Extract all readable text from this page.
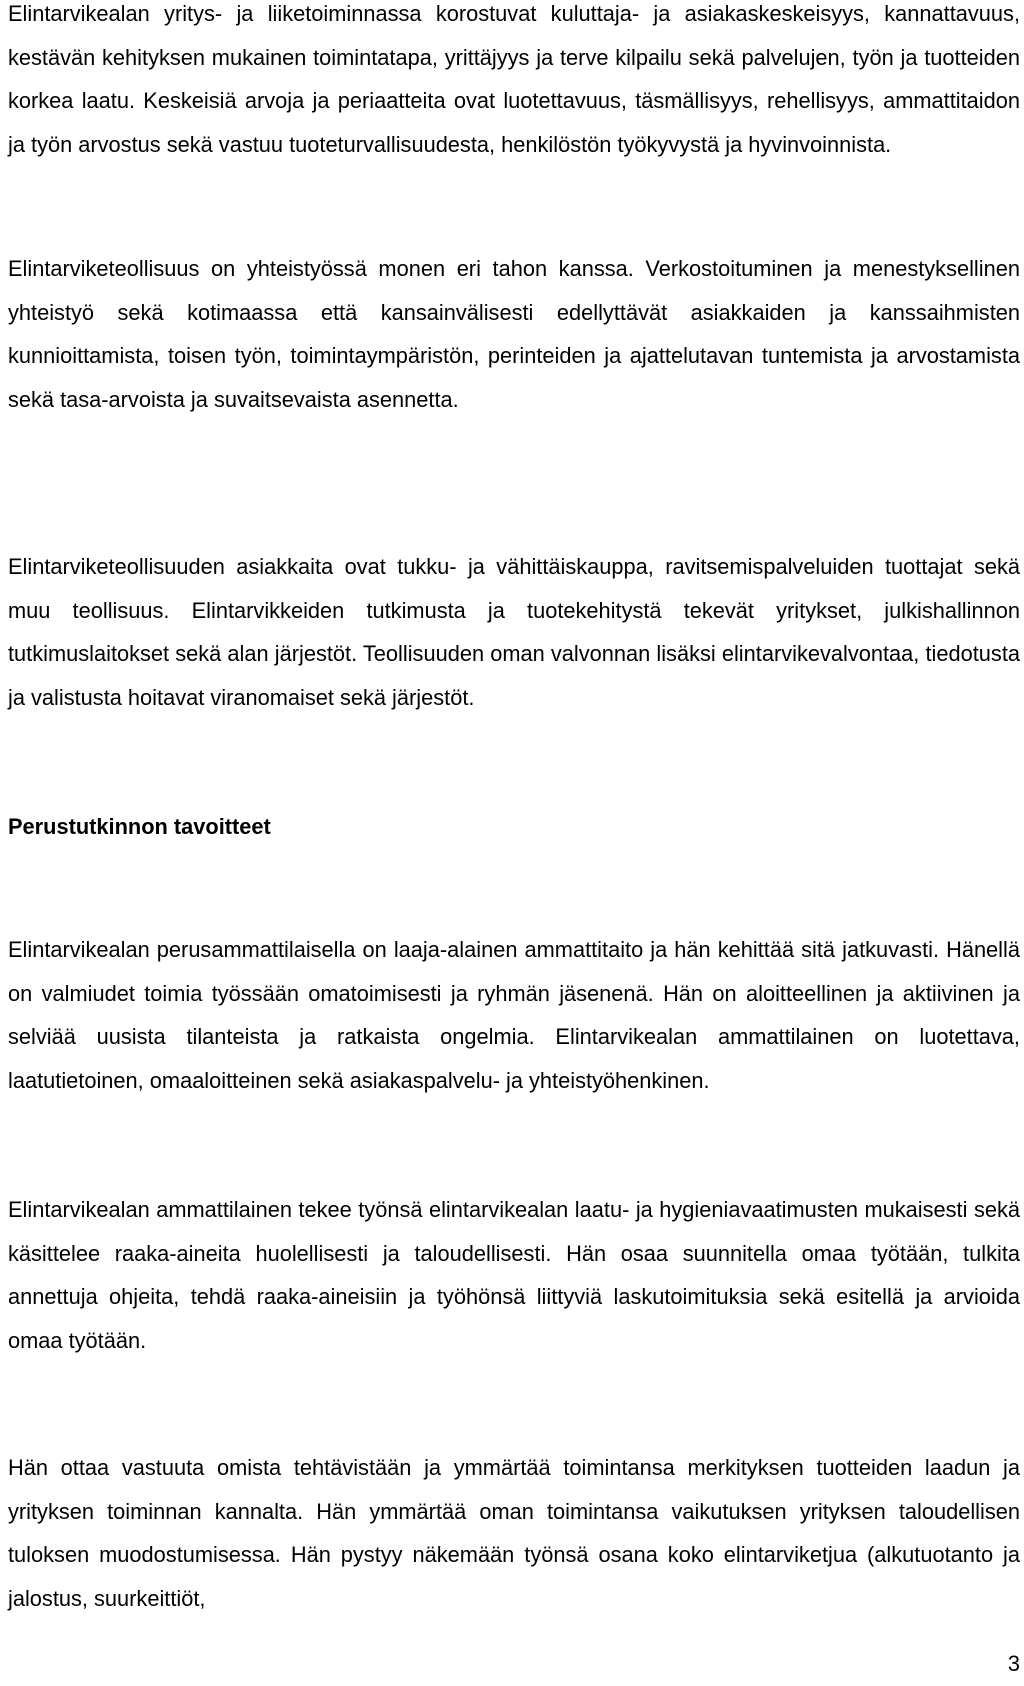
Elintarvikealan yritys- ja liiketoiminnassa korostuvat kuluttaja- ja asiakaskeskeisyys, kannattavuus, kestävän kehityksen mukainen toimintatapa, yrittäjyys ja terve kilpailu sekä palvelujen, työn ja tuotteiden korkea laatu. Keskeisiä arvoja ja periaatteita ovat luotettavuus, täsmällisyys, rehellisyys, ammattitaidon ja työn arvostus sekä vastuu tuoteturvallisuudesta, henkilöstön työkyvystä ja hyvinvoinnista.

Elintarviketeollisuus on yhteistyössä monen eri tahon kanssa. Verkostoituminen ja menestyksellinen yhteistyö sekä kotimaassa että kansainvälisesti edellyttävät asiakkaiden ja kanssaihmisten kunnioittamista, toisen työn, toimintaympäristön, perinteiden ja ajattelutavan tuntemista ja arvostamista sekä tasa-arvoista ja suvaitsevaista asennetta.

Elintarviketeollisuuden asiakkaita ovat tukku- ja vähittäiskauppa, ravitsemispalveluiden tuottajat sekä muu teollisuus. Elintarvikkeiden tutkimusta ja tuotekehitystä tekevät yritykset, julkishallinnon tutkimuslaitokset sekä alan järjestöt. Teollisuuden oman valvonnan lisäksi elintarvikevalvontaa, tiedotusta ja valistusta hoitavat viranomaiset sekä järjestöt.

Perustutkinnon tavoitteet

Elintarvikealan perusammattilaisella on laaja-alainen ammattitaito ja hän kehittää sitä jatkuvasti. Hänellä on valmiudet toimia työssään omatoimisesti ja ryhmän jäsenenä. Hän on aloitteellinen ja aktiivinen ja selviää uusista tilanteista ja ratkaista ongelmia. Elintarvikealan ammattilainen on luotettava, laatutietoinen, omaaloitteinen sekä asiakaspalvelu- ja yhteistyöhenkinen.

Elintarvikealan ammattilainen tekee työnsä elintarvikealan laatu- ja hygieniavaatimusten mukaisesti sekä käsittelee raaka-aineita huolellisesti ja taloudellisesti. Hän osaa suunnitella omaa työtään, tulkita annettuja ohjeita, tehdä raaka-aineisiin ja työhönsä liittyviä laskutoimituksia sekä esitellä ja arvioida omaa työtään.

Hän ottaa vastuuta omista tehtävistään ja ymmärtää toimintansa merkityksen tuotteiden laadun ja yrityksen toiminnan kannalta. Hän ymmärtää oman toimintansa vaikutuksen yrityksen taloudellisen tuloksen muodostumisessa. Hän pystyy näkemään työnsä osana koko elintarviketjua (alkutuotanto ja jalostus, suurkeittiöt,

3
